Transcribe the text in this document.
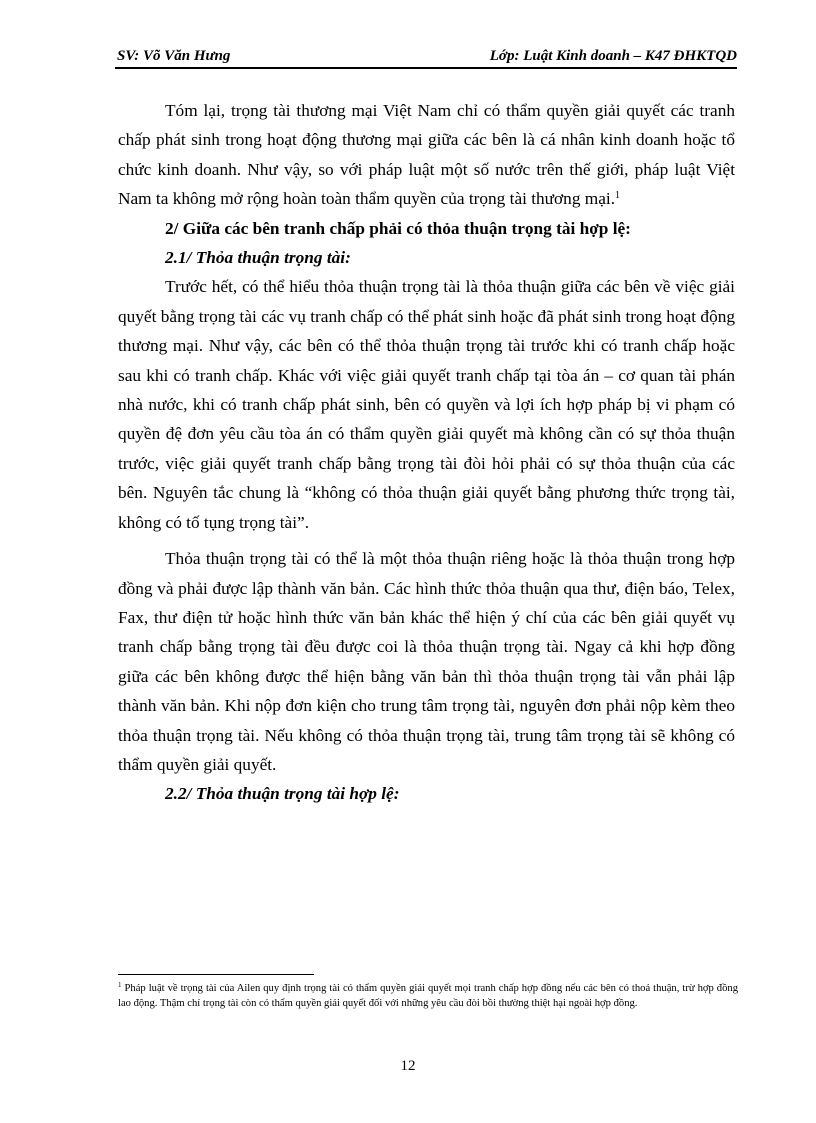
SV: Võ Văn Hưng	Lớp: Luật Kinh doanh – K47 ĐHKTQD

Tóm lại, trọng tài thương mại Việt Nam chỉ có thẩm quyền giải quyết các tranh chấp phát sinh trong hoạt động thương mại giữa các bên là cá nhân kinh doanh hoặc tổ chức kinh doanh. Như vậy, so với pháp luật một số nước trên thế giới, pháp luật Việt Nam ta không mở rộng hoàn toàn thẩm quyền của trọng tài thương mại.$^1$

2/ Giữa các bên tranh chấp phải có thỏa thuận trọng tài hợp lệ:

2.1/ Thỏa thuận trọng tài:

Trước hết, có thể hiểu thỏa thuận trọng tài là thỏa thuận giữa các bên về việc giải quyết bằng trọng tài các vụ tranh chấp có thể phát sinh hoặc đã phát sinh trong hoạt động thương mại. Như vậy, các bên có thể thỏa thuận trọng tài trước khi có tranh chấp hoặc sau khi có tranh chấp. Khác với việc giải quyết tranh chấp tại tòa án – cơ quan tài phán nhà nước, khi có tranh chấp phát sinh, bên có quyền và lợi ích hợp pháp bị vi phạm có quyền đệ đơn yêu cầu tòa án có thẩm quyền giải quyết mà không cần có sự thỏa thuận trước, việc giải quyết tranh chấp bằng trọng tài đòi hỏi phải có sự thỏa thuận của các bên. Nguyên tắc chung là “không có thỏa thuận giải quyết bằng phương thức trọng tài, không có tố tụng trọng tài”.

Thỏa thuận trọng tài có thể là một thỏa thuận riêng hoặc là thỏa thuận trong hợp đồng và phải được lập thành văn bản. Các hình thức thỏa thuận qua thư, điện báo, Telex, Fax, thư điện tử hoặc hình thức văn bản khác thể hiện ý chí của các bên giải quyết vụ tranh chấp bằng trọng tài đều được coi là thỏa thuận trọng tài. Ngay cả khi hợp đồng giữa các bên không được thể hiện bằng văn bản thì thỏa thuận trọng tài vẫn phải lập thành văn bản. Khi nộp đơn kiện cho trung tâm trọng tài, nguyên đơn phải nộp kèm theo thỏa thuận trọng tài. Nếu không có thỏa thuận trọng tài, trung tâm trọng tài sẽ không có thẩm quyền giải quyết.

2.2/ Thỏa thuận trọng tài hợp lệ:

$^1$ Pháp luật về trọng tài của Ailen quy định trọng tài có thẩm quyền giải quyết mọi tranh chấp hợp đồng nếu các bên có thoả thuận, trừ hợp đồng lao động. Thậm chí trọng tài còn có thẩm quyền giải quyết đối với những yêu cầu đòi bồi thường thiệt hại ngoài hợp đồng.
12
